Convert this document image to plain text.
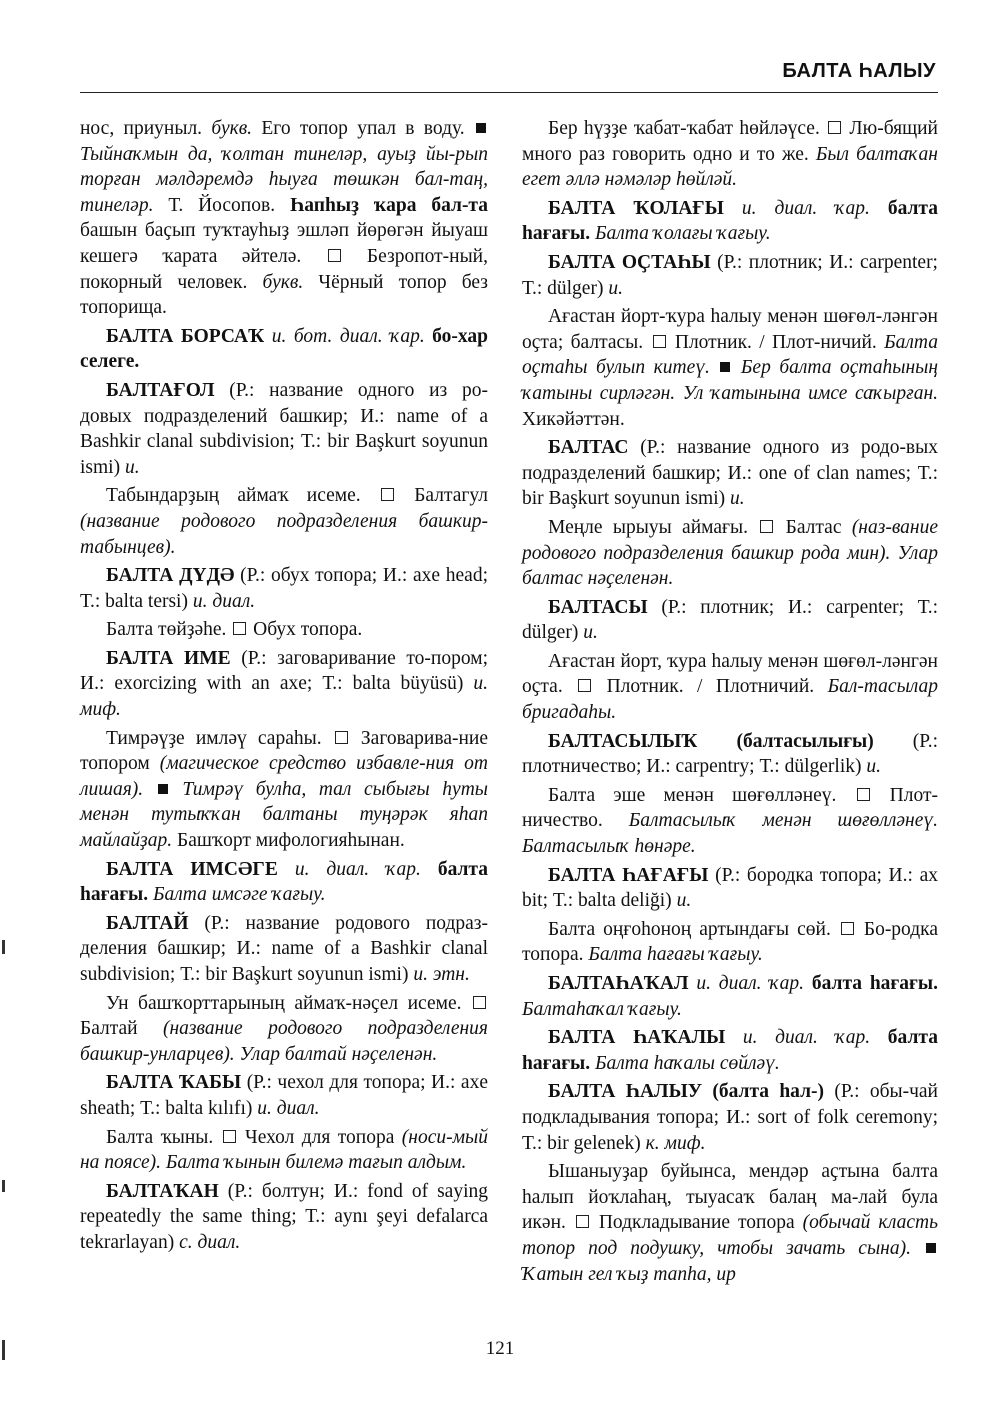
БАЛТА ҺАЛЫУ

нос, приуныл. букв. Его топор упал в воду.  Тыйнаҡмын да, ҡолтан тинеләр, ауыҙ йы-рып торған мәлдәремдә һыуға төшкән бал-таң, тинеләр. Т. Йосопов. Һапһыҙ ҡара бал-та башын баҫып туҡтауһыҙ эшләп йөрөгән йыуаш кешегә ҡарата әйтелә.  Безропот-ный, покорный человек. букв. Чёрный топор без топорища.

БАЛТА БОРСАҠ и. бот. диал. ҡар. бо-хар селеге.

БАЛТАҒОЛ (Р.: название одного из ро-довых подразделений башкир; И.: name of a Bashkir clanal subdivision; Т.: bir Başkurt soyunun ismi) и.

Табындарҙың аймаҡ исеме.  Балтагул (название родового подразделения башкир-табынцев).

БАЛТА ДҮДӘ (Р.: обух топора; И.: axe head; Т.: balta tersi) и. диал.

Балта төйҙәһе.  Обух топора.

БАЛТА ИМЕ (Р.: заговаривание то-пором; И.: exorcizing with an axe; Т.: balta büyüsü) и. миф.

Тимрәүҙе имләү сараһы.  Заговарива-ние топором (магическое средство избавле-ния от лишая).  Тимрәү булһа, тал сыбығы һуты менән тутыҡҡан балтаны туңәрәк яһап майлайҙар. Башҡорт мифологияһынан.

БАЛТА ИМСӘГЕ и. диал. ҡар. балта һағағы. Балта имсәге ҡағыу.

БАЛТАЙ (Р.: название родового подраз-деления башкир; И.: name of a Bashkir clanal subdivision; Т.: bir Başkurt soyunun ismi) и. этн.

Ун башҡорттарының аймаҡ-нәҫел исеме.  Балтай (название родового подразделения башкир-унларцев). Улар балтай нәҫеленән.

БАЛТА ҠАБЫ (Р.: чехол для топора; И.: axe sheath; Т.: balta kılıfı) и. диал.

Балта ҡыны.  Чехол для топора (носи-мый на поясе). Балта ҡынын билемә тағып алдым.

БАЛТАҠАН (Р.: болтун; И.: fond of saying repeatedly the same thing; Т.: aynı şeyi defalarca tekrarlayan) с. диал.

Бер һүҙҙе ҡабат-ҡабат һөйләүсе.  Лю-бящий много раз говорить одно и то же. Был балтаҡан егет әллә нәмәләр һөйләй.

БАЛТА ҠОЛАҒЫ и. диал. ҡар. балта һағағы. Балта ҡолағы ҡағыу.

БАЛТА ОҪТАҺЫ (Р.: плотник; И.: carpenter; Т.: dülger) и.

Ағастан йорт-ҡура һалыу менән шөғөл-ләнгән оҫта; балтасы.  Плотник. / Плот-ничий. Балта оҫтаһы булып китеү.  Бер балта оҫтаһының ҡатыны сирләгән. Ул ҡатынына имсе саҡырған. Хикәйәттән.

БАЛТАС (Р.: название одного из родо-вых подразделений башкир; И.: one of clan names; Т.: bir Başkurt soyunun ismi) и.

Меңле ырыуы аймағы.  Балтас (наз-вание родового подразделения башкир рода мин). Улар балтас нәҫеленән.

БАЛТАСЫ (Р.: плотник; И.: carpenter; Т.: dülger) и.

Ағастан йорт, ҡура һалыу менән шөғөл-ләнгән оҫта.  Плотник. / Плотничий. Бал-тасылар бригадаһы.

БАЛТАСЫЛЫҠ (балтасылығы) (Р.: плотничество; И.: carpentry; Т.: dülgerlik) и.

Балта эше менән шөғөлләнеү.  Плот-ничество. Балтасылыҡ менән шөғөлләнеү. Балтасылыҡ һөнәре.

БАЛТА ҺАҒАҒЫ (Р.: бородка топора; И.: ax bit; Т.: balta deliği) и.

Балта оңғоһоноң артындағы сөй.  Бо-родка топора. Балта һағағы ҡағыу.

БАЛТАҺАҠАЛ и. диал. ҡар. балта һағағы. Балтаһаҡал ҡағыу.

БАЛТА ҺАҠАЛЫ и. диал. ҡар. балта һағағы. Балта һаҡалы сөйләү.

БАЛТА ҺАЛЫУ (балта һал-) (Р.: обы-чай подкладывания топора; И.: sort of folk ceremony; Т.: bir gelenek) к. миф.

Ышаныуҙар буйынса, мендәр аҫтына балта һалып йоҡлаһаң, тыуасаҡ балаң ма-лай була икән.  Подкладывание топора (обычай класть топор под подушку, чтобы зачать сына).  Ҡатын гел ҡыҙ тапһа, ир

121
